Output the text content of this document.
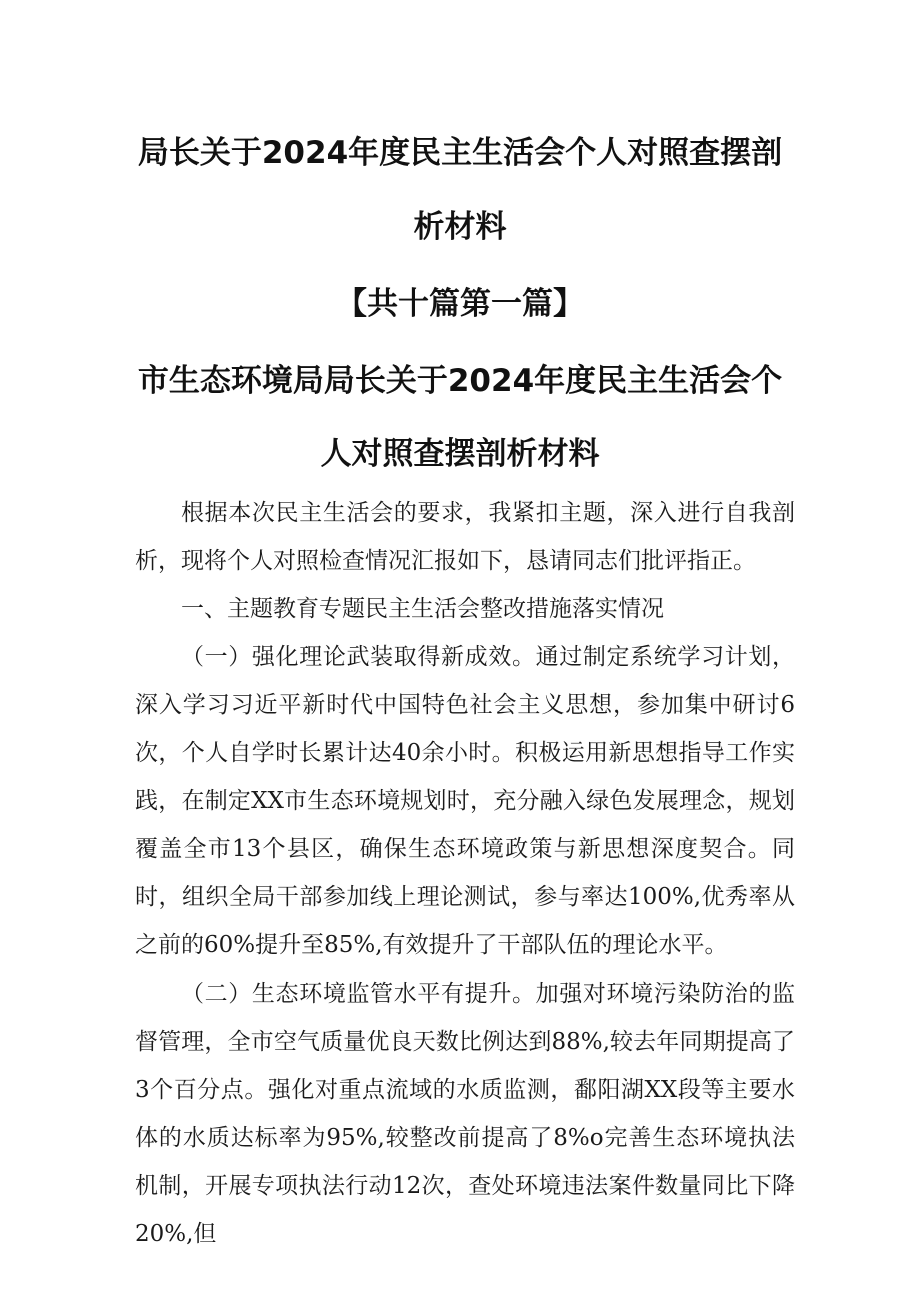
局长关于2024年度民主生活会个人对照查摆剖
析材料
【共十篇第一篇】
市生态环境局局长关于2024年度民主生活会个
人对照查摆剖析材料

根据本次民主生活会的要求，我紧扣主题，深入进行自我剖析，现将个人对照检查情况汇报如下，恳请同志们批评指正。

一、主题教育专题民主生活会整改措施落实情况

（一）强化理论武装取得新成效。通过制定系统学习计划，深入学习习近平新时代中国特色社会主义思想，参加集中研讨6次，个人自学时长累计达40余小时。积极运用新思想指导工作实践，在制定XX市生态环境规划时，充分融入绿色发展理念，规划覆盖全市13个县区，确保生态环境政策与新思想深度契合。同时，组织全局干部参加线上理论测试，参与率达100%,优秀率从之前的60%提升至85%,有效提升了干部队伍的理论水平。

（二）生态环境监管水平有提升。加强对环境污染防治的监督管理，全市空气质量优良天数比例达到88%,较去年同期提高了3个百分点。强化对重点流域的水质监测，鄱阳湖XX段等主要水体的水质达标率为95%,较整改前提高了8%o完善生态环境执法机制，开展专项执法行动12次，查处环境违法案件数量同比下降20%,但
